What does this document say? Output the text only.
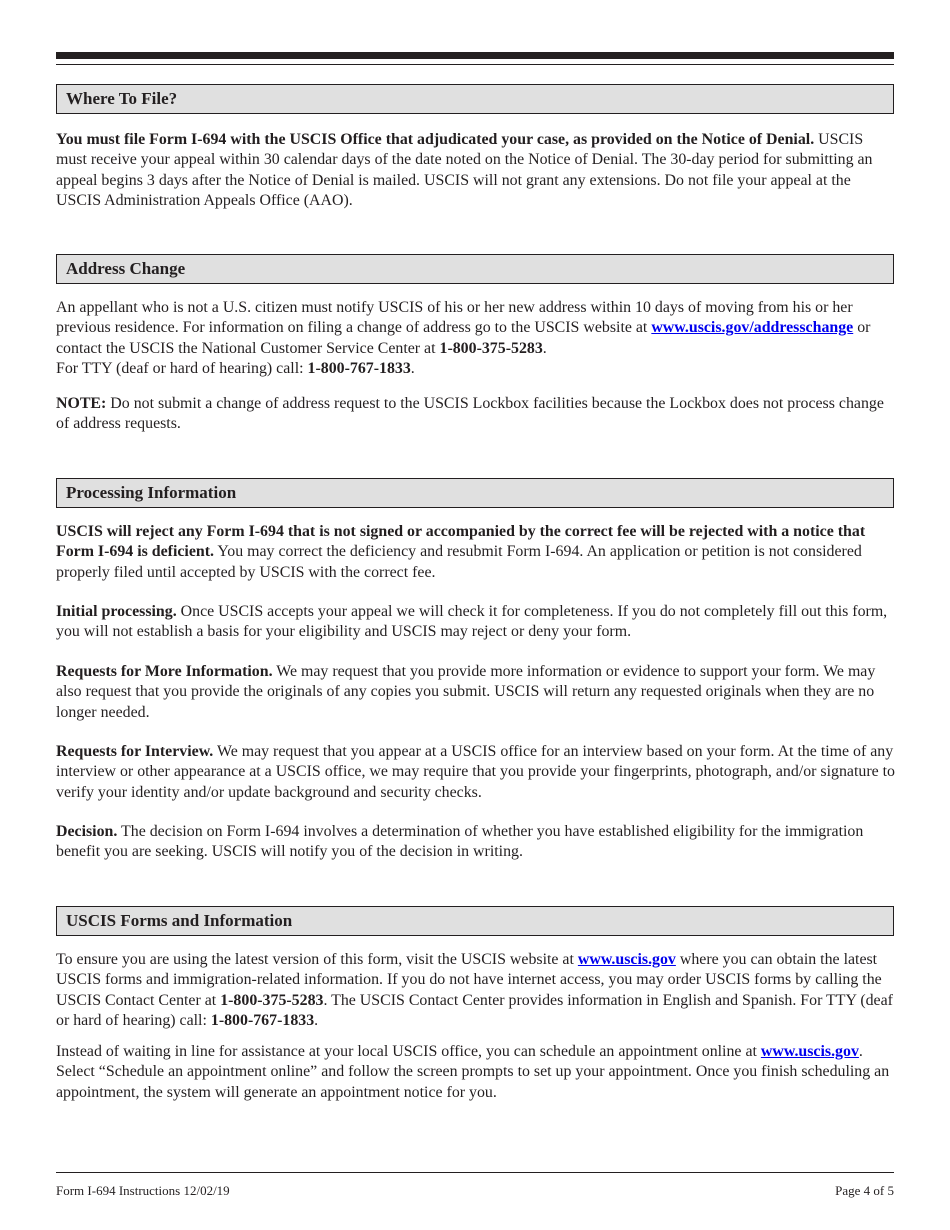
Where To File?

You must file Form I-694 with the USCIS Office that adjudicated your case, as provided on the Notice of Denial. USCIS must receive your appeal within 30 calendar days of the date noted on the Notice of Denial. The 30-day period for submitting an appeal begins 3 days after the Notice of Denial is mailed. USCIS will not grant any extensions. Do not file your appeal at the USCIS Administration Appeals Office (AAO).

Address Change

An appellant who is not a U.S. citizen must notify USCIS of his or her new address within 10 days of moving from his or her previous residence. For information on filing a change of address go to the USCIS website at www.uscis.gov/addresschange or contact the USCIS the National Customer Service Center at 1-800-375-5283.
For TTY (deaf or hard of hearing) call: 1-800-767-1833.

NOTE: Do not submit a change of address request to the USCIS Lockbox facilities because the Lockbox does not process change of address requests.

Processing Information

USCIS will reject any Form I-694 that is not signed or accompanied by the correct fee will be rejected with a notice that Form I-694 is deficient. You may correct the deficiency and resubmit Form I-694. An application or petition is not considered properly filed until accepted by USCIS with the correct fee.

Initial processing. Once USCIS accepts your appeal we will check it for completeness. If you do not completely fill out this form, you will not establish a basis for your eligibility and USCIS may reject or deny your form.

Requests for More Information. We may request that you provide more information or evidence to support your form. We may also request that you provide the originals of any copies you submit. USCIS will return any requested originals when they are no longer needed.

Requests for Interview. We may request that you appear at a USCIS office for an interview based on your form. At the time of any interview or other appearance at a USCIS office, we may require that you provide your fingerprints, photograph, and/or signature to verify your identity and/or update background and security checks.

Decision. The decision on Form I-694 involves a determination of whether you have established eligibility for the immigration benefit you are seeking. USCIS will notify you of the decision in writing.

USCIS Forms and Information

To ensure you are using the latest version of this form, visit the USCIS website at www.uscis.gov where you can obtain the latest USCIS forms and immigration-related information. If you do not have internet access, you may order USCIS forms by calling the USCIS Contact Center at 1-800-375-5283. The USCIS Contact Center provides information in English and Spanish. For TTY (deaf or hard of hearing) call: 1-800-767-1833.

Instead of waiting in line for assistance at your local USCIS office, you can schedule an appointment online at www.uscis.gov. Select “Schedule an appointment online” and follow the screen prompts to set up your appointment. Once you finish scheduling an appointment, the system will generate an appointment notice for you.

Form I-694 Instructions 12/02/19	Page 4 of 5
